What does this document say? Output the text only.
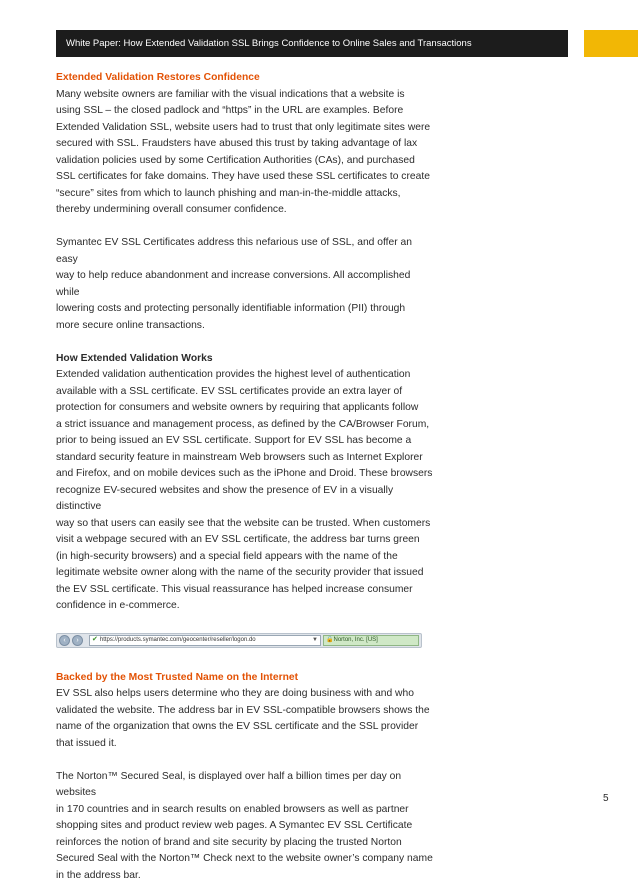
White Paper: How Extended Validation SSL Brings Confidence to Online Sales and Transactions

Extended Validation Restores Confidence

Many website owners are familiar with the visual indications that a website is

using SSL – the closed padlock and “https” in the URL are examples. Before

Extended Validation SSL, website users had to trust that only legitimate sites were

secured with SSL. Fraudsters have abused this trust by taking advantage of lax

validation policies used by some Certification Authorities (CAs), and purchased

SSL certificates for fake domains. They have used these SSL certificates to create

“secure” sites from which to launch phishing and man-in-the-middle attacks,

thereby undermining overall consumer confidence.

Symantec EV SSL Certificates address this nefarious use of SSL, and offer an easy

way to help reduce abandonment and increase conversions. All accomplished while

lowering costs and protecting personally identifiable information (PII) through

more secure online transactions.

How Extended Validation Works

Extended validation authentication provides the highest level of authentication

available with a SSL certificate. EV SSL certificates provide an extra layer of

protection for consumers and website owners by requiring that applicants follow

a strict issuance and management process, as defined by the CA/Browser Forum,

prior to being issued an EV SSL certificate. Support for EV SSL has become a

standard security feature in mainstream Web browsers such as Internet Explorer

and Firefox, and on mobile devices such as the iPhone and Droid. These browsers

recognize EV-secured websites and show the presence of EV in a visually distinctive

way so that users can easily see that the website can be trusted. When customers

visit a webpage secured with an EV SSL certificate, the address bar turns green

(in high-security browsers) and a special field appears with the name of the

legitimate website owner along with the name of the security provider that issued

the EV SSL certificate. This visual reassurance has helped increase consumer

confidence in e-commerce.

‹	›	✔ https://products.symantec.com/geocenter/reseller/logon.do	▼	🔒 Norton, Inc. [US]

Backed by the Most Trusted Name on the Internet

EV SSL also helps users determine who they are doing business with and who

validated the website. The address bar in EV SSL-compatible browsers shows the

name of the organization that owns the EV SSL certificate and the SSL provider

that issued it.

The Norton™ Secured Seal, is displayed over half a billion times per day on websites

in 170 countries and in search results on enabled browsers as well as partner

shopping sites and product review web pages. A Symantec EV SSL Certificate

reinforces the notion of brand and site security by placing the trusted Norton

Secured Seal with the Norton™ Check next to the website owner’s company name

in the address bar.

5
